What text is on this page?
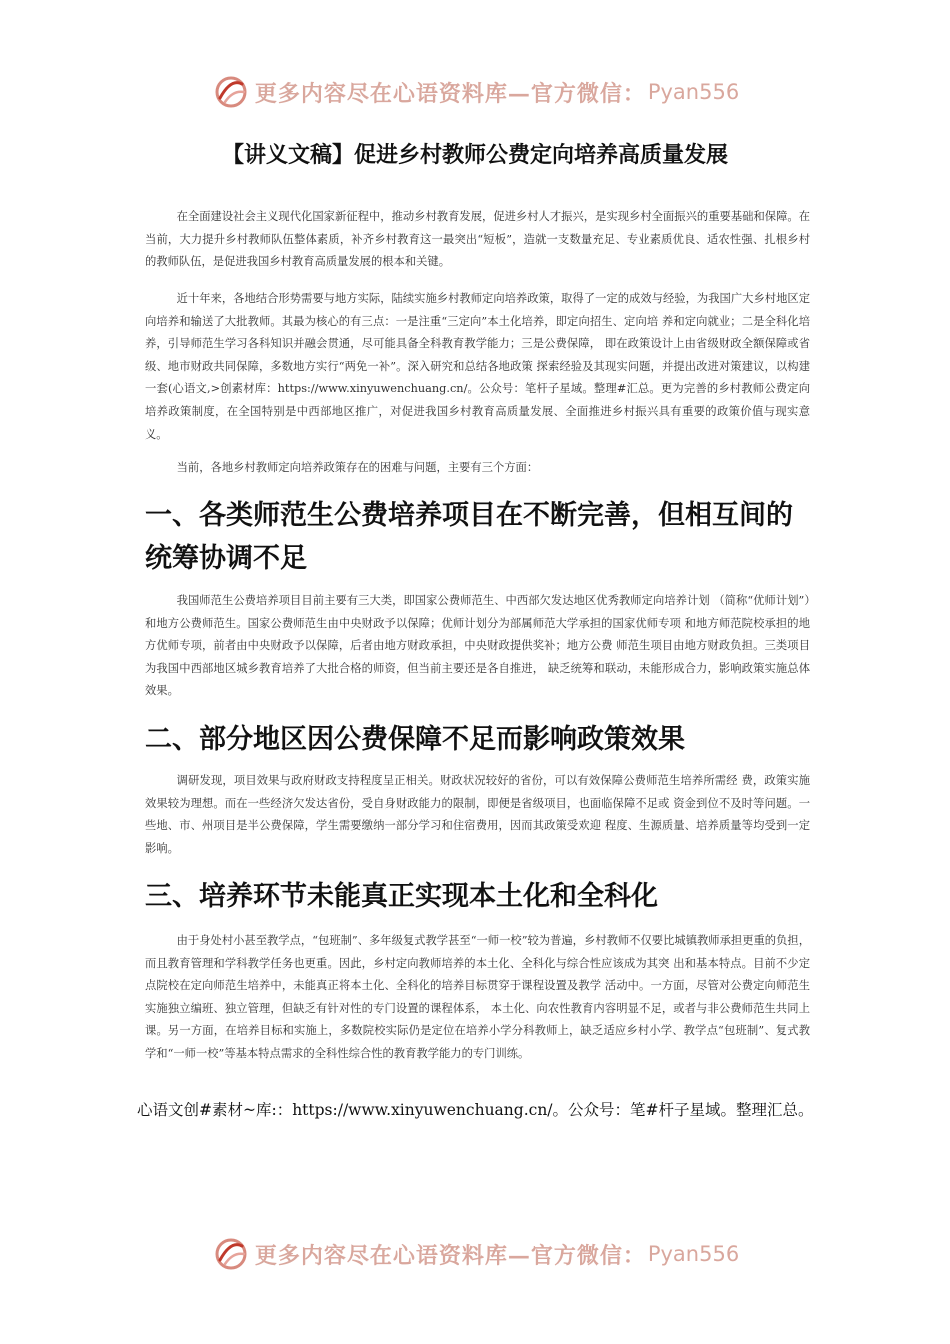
更多内容尽在心语资料库—官方微信： Pyan556
【讲义文稿】促进乡村教师公费定向培养高质量发展

在全面建设社会主义现代化国家新征程中，推动乡村教育发展，促进乡村人才振兴，是实现乡村全面振兴的重要基础和保障。在当前，大力提升乡村教师队伍整体素质，补齐乡村教育这一最突出“短板”，造就一支数量充足、专业素质优良、适农性强、扎根乡村的教师队伍，是促进我国乡村教育高质量发展的根本和关键。

近十年来，各地结合形势需要与地方实际，陆续实施乡村教师定向培养政策，取得了一定的成效与经验，为我国广大乡村地区定向培养和输送了大批教师。其最为核心的有三点：一是注重“三定向”本土化培养，即定向招生、定向培 养和定向就业；二是全科化培养，引导师范生学习各科知识并融会贯通，尽可能具备全科教育教学能力；三是公费保障， 即在政策设计上由省级财政全额保障或省级、地市财政共同保障，多数地方实行“两免一补”。深入研究和总结各地政策 探索经验及其现实问题，并提出改进对策建议，以构建一套(心语文,>创素材库：https://www.xinyuwenchuang.cn/。公众号：笔杆子星域。整理#汇总。更为完善的乡村教师公费定向培养政策制度，在全国特别是中西部地区推广，对促进我国乡村教育高质量发展、全面推进乡村振兴具有重要的政策价值与现实意义。

当前，各地乡村教师定向培养政策存在的困难与问题，主要有三个方面：

一、各类师范生公费培养项目在不断完善，但相互间的统筹协调不足

我国师范生公费培养项目目前主要有三大类，即国家公费师范生、中西部欠发达地区优秀教师定向培养计划 （简称“优师计划”）和地方公费师范生。国家公费师范生由中央财政予以保障；优师计划分为部属师范大学承担的国家优师专项 和地方师范院校承担的地方优师专项，前者由中央财政予以保障，后者由地方财政承担，中央财政提供奖补；地方公费 师范生项目由地方财政负担。三类项目为我国中西部地区城乡教育培养了大批合格的师资，但当前主要还是各自推进， 缺乏统筹和联动，未能形成合力，影响政策实施总体效果。

二、部分地区因公费保障不足而影响政策效果

调研发现，项目效果与政府财政支持程度呈正相关。财政状况较好的省份，可以有效保障公费师范生培养所需经 费，政策实施效果较为理想。而在一些经济欠发达省份，受自身财政能力的限制，即便是省级项目，也面临保障不足或 资金到位不及时等问题。一些地、市、州项目是半公费保障，学生需要缴纳一部分学习和住宿费用，因而其政策受欢迎 程度、生源质量、培养质量等均受到一定影响。

三、培养环节未能真正实现本土化和全科化

由于身处村小甚至教学点，“包班制”、多年级复式教学甚至“一师一校”较为普遍，乡村教师不仅要比城镇教师承担更重的负担，而且教育管理和学科教学任务也更重。因此，乡村定向教师培养的本土化、全科化与综合性应该成为其突 出和基本特点。目前不少定点院校在定向师范生培养中，未能真正将本土化、全科化的培养目标贯穿于课程设置及教学 活动中。一方面，尽管对公费定向师范生实施独立编班、独立管理，但缺乏有针对性的专门设置的课程体系， 本土化、向农性教育内容明显不足，或者与非公费师范生共同上课。另一方面，在培养目标和实施上，多数院校实际仍是定位在培养小学分科教师上，缺乏适应乡村小学、教学点“包班制”、复式教学和“一师一校”等基本特点需求的全科性综合性的教育教学能力的专门训练。

心语文创#素材~库:：https://www.xinyuwenchuang.cn/。公众号：笔#杆子星域。整理汇总。
更多内容尽在心语资料库—官方微信： Pyan556
